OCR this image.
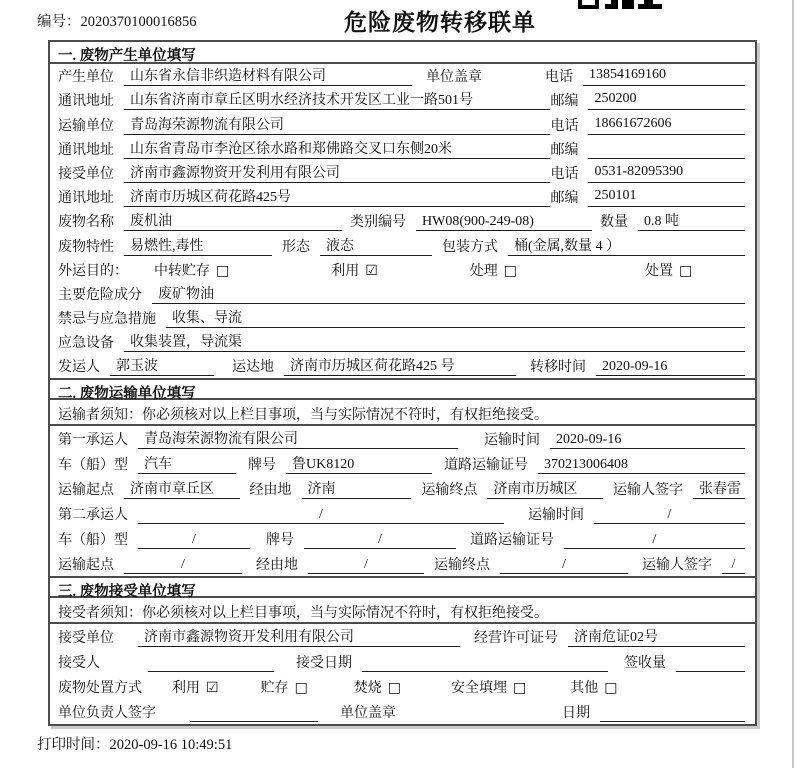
编号：2020370100016856	危险废物转移联单
一. 废物产生单位填写
产生单位	山东省永信非织造材料有限公司	单位盖章	电话	13854169160
通讯地址	山东省济南市章丘区明水经济技术开发区工业一路501号	邮编	250200
运输单位	青岛海荣源物流有限公司	电话	18661672606
通讯地址	山东省青岛市李沧区徐水路和郑佛路交叉口东侧20米	邮编
接受单位	济南市鑫源物资开发利用有限公司	电话	0531-82095390
通讯地址	济南市历城区荷花路425号	邮编	250101
废物名称	废机油	类别编号	HW08(900-249-08)	数量	0.8 吨
废物特性	易燃性,毒性	形态	液态	包装方式	桶(金属,数量 4 ）
外运目的： 中转贮存 □	利用 ☑	处理 □	处置 □
主要危险成分	废矿物油
禁忌与应急措施	收集、导流
应急设备	收集装置，导流渠
发运人	郭玉波	运达地	济南市历城区荷花路425 号	转移时间	2020-09-16
二. 废物运输单位填写
运输者须知：你必须核对以上栏目事项，当与实际情况不符时，有权拒绝接受。
第一承运人	青岛海荣源物流有限公司	运输时间	2020-09-16
车（船）型	汽车	牌号	鲁UK8120	道路运输证号	370213006408
运输起点	济南市章丘区	经由地	济南	运输终点	济南市历城区	运输人签字	张春雷
第二承运人	/	运输时间	/
车（船）型	/	牌号	/	道路运输证号	/
运输起点	/	经由地	/	运输终点	/	运输人签字	/
三. 废物接受单位填写
接受者须知：你必须核对以上栏目事项，当与实际情况不符时，有权拒绝接受。
接受单位	济南市鑫源物资开发利用有限公司	经营许可证号	济南危证02号
接受人	接受日期	签收量
废物处置方式 利用 ☑	贮存 □	焚烧 □	安全填埋 □	其他 □
单位负责人签字	单位盖章	日期
打印时间：2020-09-16 10:49:51
